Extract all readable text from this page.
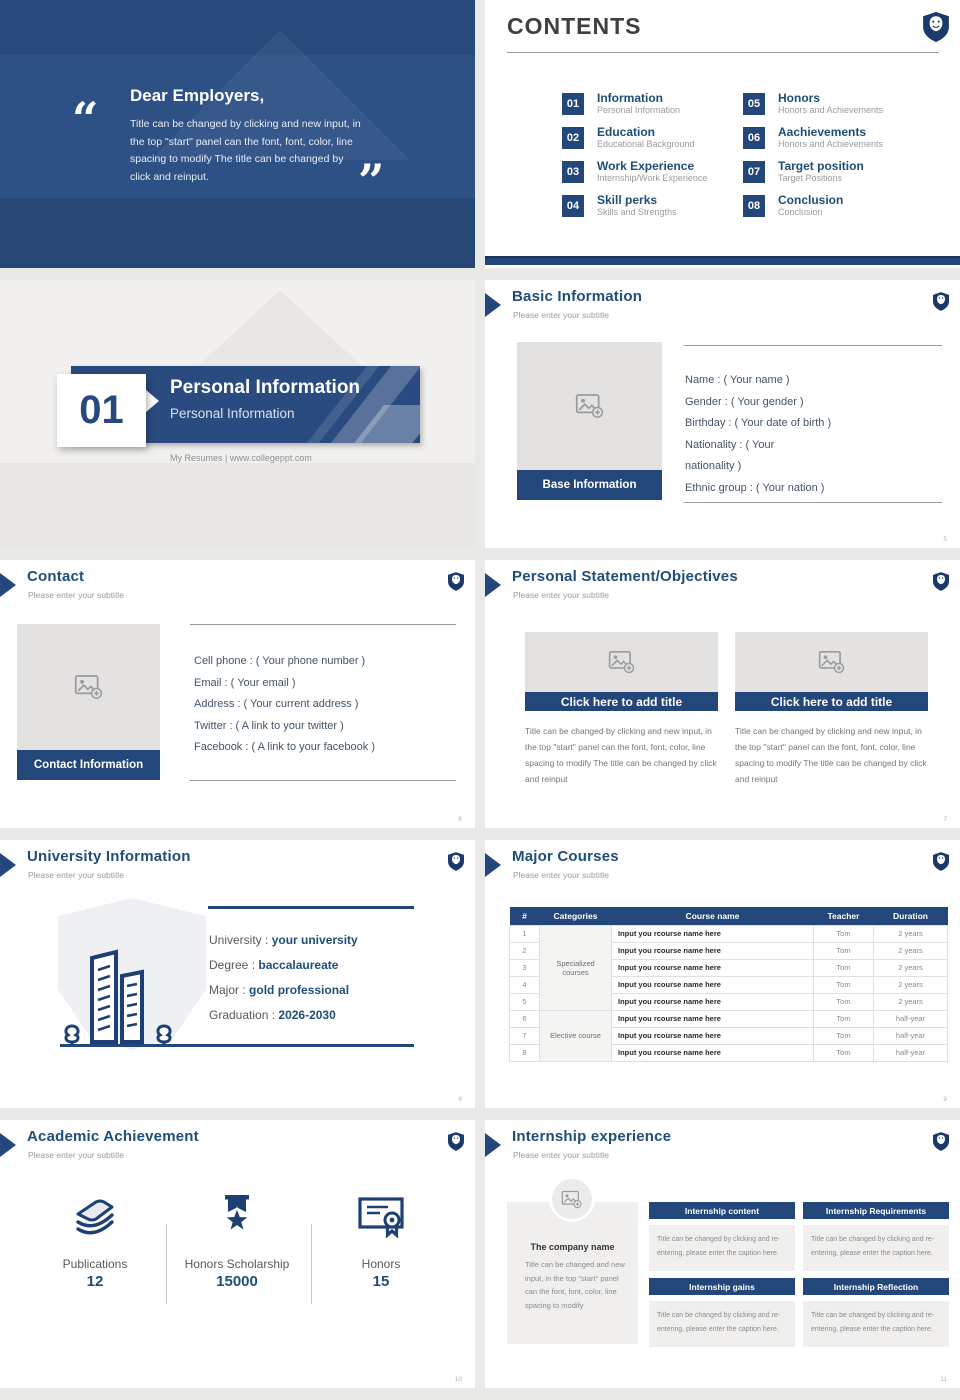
“ Dear Employers,
Title can be changed by clicking and new input, in the top "start" panel can the font, font, color, line spacing to modify The title can be changed by click and reinput.	”
CONTENTS
01	Information
Personal Information
02	Education
Educational Background
03	Work Experience
Internship/Work Experience
04	Skill perks
Skills and Strengths
05	Honors
Honors and Achievements
06	Aachievements
Honors and Achievements
07	Target position
Target Positions
08	Conclusion
Conclusion
01
Personal Information
Personal Information
My Resumes | www.collegeppt.com
Basic Information
Please enter your subtitle
Base Information
Name : ( Your name )
Gender : ( Your gender )
Birthday : ( Your date of birth )
Nationality : ( Your
nationality )
Ethnic group : ( Your nation )
5
Contact
Please enter your subtitle
Contact Information
Cell phone : ( Your phone number )
Email : ( Your email )
Address : ( Your current address )
Twitter : ( A link to your twitter )
Facebook : ( A link to your facebook )
6
Personal Statement/Objectives
Please enter your subtitle
Click here to add title
Title can be changed by clicking and new input, in the top "start" panel can the font, font, color, line spacing to modify The title can be changed by click and reinput
Click here to add title
Title can be changed by clicking and new input, in the top "start" panel can the font, font, color, line spacing to modify The title can be changed by click and reinput
7
University Information
Please enter your subtitle
University : your university
Degree : baccalaureate
Major : gold professional
Graduation : 2026-2030
8
Major Courses
Please enter your subtitle
#	Categories	Course name	Teacher	Duration
1	Specialized courses	Input you rcourse name here	Tom	2 years
2		Input you rcourse name here	Tom	2 years
3		Input you rcourse name here	Tom	2 years
4		Input you rcourse name here	Tom	2 years
5		Input you rcourse name here	Tom	2 years
6	Elective course	Input you rcourse name here	Tom	half-year
7		Input you rcourse name here	Tom	half-year
8		Input you rcourse name here	Tom	half-year
9
Academic Achievement
Please enter your subtitle
Publications
12
Honors Scholarship
15000
Honors
15
10
Internship experience
Please enter your subtitle
The company name
Title can be changed and new input, in the top "start" panel can the font, font, color, line spacing to modify
Internship content
Title can be changed by clicking and re-entering, please enter the caption here.
Internship Requirements
Title can be changed by clicking and re-entering, please enter the caption here.
Internship gains
Title can be changed by clicking and re-entering, please enter the caption here.
Internship Reflection
Title can be changed by clicking and re-entering, please enter the caption here.
11
